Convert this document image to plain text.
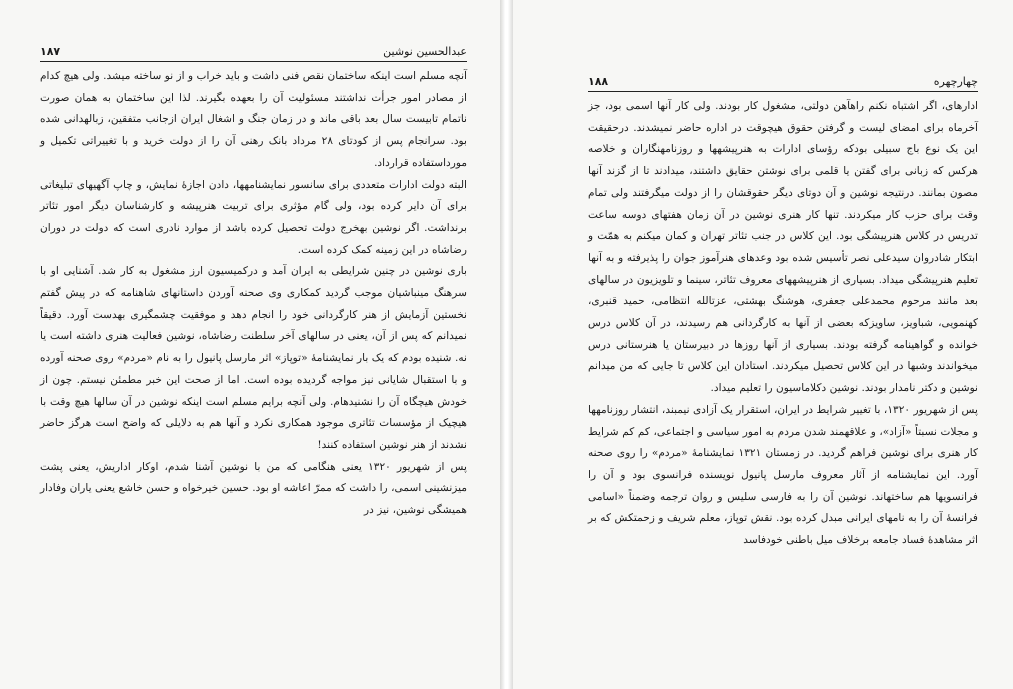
۱۸۷	عبدالحسین نوشین

آنچه مسلم است اینکه ساختمان نقص فنی داشت و باید خراب و از نو ساخته میشد. ولی هیچ کدام از مصادر امور جرأت نداشتند مسئولیت آن را بعهده بگیرند. لذا این ساختمان به همان صورت ناتمام تابیست سال بعد باقی ماند و در زمان جنگ و اشغال ایران ازجانب متفقین، زبالهدانی شده بود. سرانجام پس از کودتای ۲۸ مرداد بانک رهنی آن را از دولت خرید و با تغییراتی تکمیل و مورداستفاده قرارداد.

البته دولت ادارات متعددی برای سانسور نمایشنامهها، دادن اجازهٔ نمایش، و چاپ آگهیهای تبلیغاتی برای آن دایر کرده بود، ولی گام مؤثری برای تربیت هنرپیشه و کارشناسان دیگر امور تئاتر برنداشت. اگر نوشین بهخرج دولت تحصیل کرده باشد از موارد نادری است که دولت در دوران رضاشاه در این زمینه کمک کرده است.

باری نوشین در چنین شرایطی به ایران آمد و درکمیسیون ارز مشغول به کار شد. آشنایی او با سرهنگ مینباشیان موجب گردید کمکاری وی صحنه آوردن داستانهای شاهنامه که در پیش گفتم نخستین آزمایش از هنر کارگردانی خود را انجام دهد و موفقیت چشمگیری بهدست آورد. دقیقاً نمیدانم که پس از آن، یعنی در سالهای آخر سلطنت رضاشاه، نوشین فعالیت هنری داشته است یا نه. شنیده بودم که یک بار نمایشنامهٔ «توپاز» اثر مارسل پانیول را به نام «مردم» روی صحنه آورده و با استقبال شایانی نیز مواجه گردیده بوده است. اما از صحت این خبر مطمئن نیستم. چون از خودش هیچگاه آن را نشنیدهام. ولی آنچه برایم مسلم است اینکه نوشین در آن سالها هیچ وقت با هیچیک از مؤسسات تئاتری موجود همکاری نکرد و آنها هم به دلایلی که واضح است هرگز حاضر نشدند از هنر نوشین استفاده کنند!

پس از شهریور ۱۳۲۰ یعنی هنگامی که من با نوشین آشنا شدم، اوکار اداریش، یعنی پشت میزنشینی اسمی، را داشت که ممرّ اعاشه او بود. حسین خیرخواه و حسن خاشع یعنی یاران وفادار همیشگی نوشین، نیز در

۱۸۸	چهارچهره

ادارهای، اگر اشتباه نکنم راهآهن دولتی، مشغول کار بودند. ولی کار آنها اسمی بود، جز آخرماه برای امضای لیست و گرفتن حقوق هیچوقت در اداره حاضر نمیشدند. درحقیقت این یک نوع باج سبیلی بودکه رؤسای ادارات به هنرپیشهها و روزنامهنگاران و خلاصه هرکس که زبانی برای گفتن یا قلمی برای نوشتن حقایق داشتند، میدادند تا از گزند آنها مصون بمانند. درنتیجه نوشین و آن دوتای دیگر حقوقشان را از دولت میگرفتند ولی تمام وقت برای حزب کار میکردند. تنها کار هنری نوشین در آن زمان هفتهای دوسه ساعت تدریس در کلاس هنرپیشگی بود. این کلاس در جنب تئاتر تهران و کمان میکنم به همّت و ابتکار شادروان سیدعلی نصر تأسیس شده بود وعدهای هنرآموز جوان را پذیرفته و به آنها تعلیم هنرپیشگی میداد. بسیاری از هنرپیشههای معروف تئاتر، سینما و تلویزیون در سالهای بعد مانند مرحوم محمدعلی جعفری، هوشنگ بهشتی، عزتالله انتظامی، حمید قنبری، کهنمویی، شباویز، ساویزکه بعضی از آنها به کارگردانی هم رسیدند، در آن کلاس درس خوانده و گواهینامه گرفته بودند. بسیاری از آنها روزها در دبیرستان یا هنرستانی درس میخواندند وشبها در این کلاس تحصیل میکردند. استادان این کلاس تا جایی که من میدانم نوشین و دکتر نامدار بودند. نوشین دکلاماسیون را تعلیم میداد.

پس از شهریور ۱۳۲۰، با تغییر شرایط در ایران، استقرار یک آزادی نیمبند، انتشار روزنامهها و مجلات نسبتاً «آزاد»، و علاقهمند شدن مردم به امور سیاسی و اجتماعی، کم کم شرایط کار هنری برای نوشین فراهم گردید. در زمستان ۱۳۲۱ نمایشنامهٔ «مردم» را روی صحنه آورد. این نمایشنامه از آثار معروف مارسل پانیول نویسنده فرانسوی بود و آن را فرانسویها هم ساختهاند. نوشین آن را به فارسی سلیس و روان ترجمه وضمناً «اسامی فرانسهٔ آن را به نامهای ایرانی مبدل کرده بود. نقش توپاز، معلم شریف و زحمتکش که بر اثر مشاهدهٔ فساد جامعه برخلاف میل باطنی خودفاسد
